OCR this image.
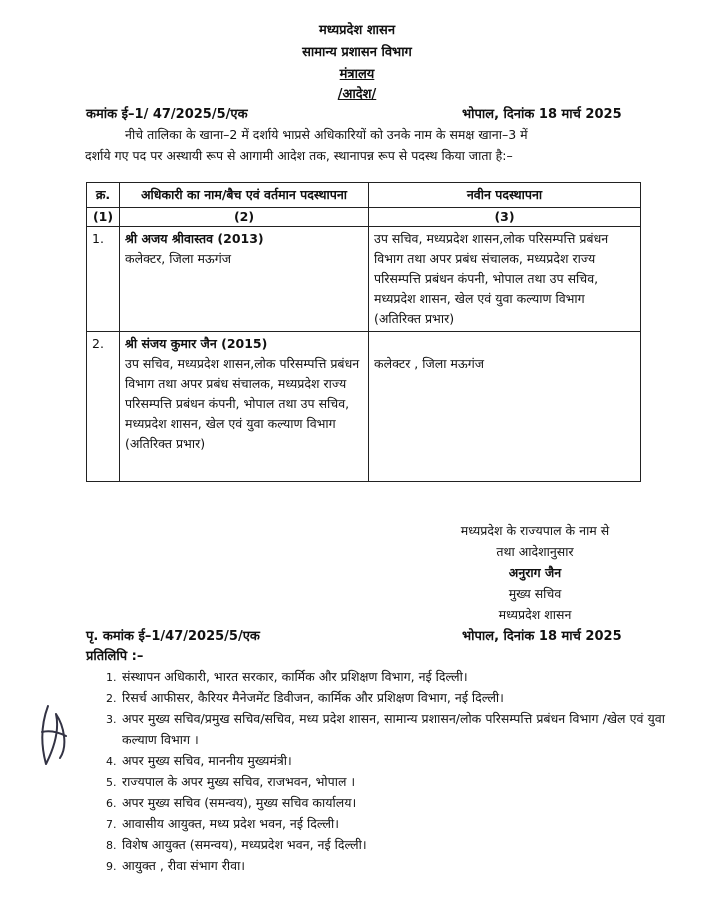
मध्यप्रदेश शासन
सामान्य प्रशासन विभाग
मंत्रालय
/आदेश/
कमांक ई–1/ 47/2025/5/एक	भोपाल, दिनांक 18 मार्च 2025
नीचे तालिका के खाना–2 में दर्शाये भाप्रसे अधिकारियों को उनके नाम के समक्ष खाना–3 में
दर्शाये गए पद पर अस्थायी रूप से आगामी आदेश तक, स्थानापन्न रूप से पदस्थ किया जाता है:–
क्र.	अधिकारी का नाम/बैच एवं वर्तमान पदस्थापना	नवीन पदस्थापना
(1)	(2)	(3)
1.	श्री अजय श्रीवास्तव (2013)
कलेक्टर, जिला मऊगंज	उप सचिव, मध्यप्रदेश शासन,लोक परिसम्पत्ति प्रबंधन विभाग तथा अपर प्रबंध संचालक, मध्यप्रदेश राज्य परिसम्पत्ति प्रबंधन कंपनी, भोपाल तथा उप सचिव, मध्यप्रदेश शासन, खेल एवं युवा कल्याण विभाग (अतिरिक्त प्रभार)
2.	श्री संजय कुमार जैन (2015)
उप सचिव, मध्यप्रदेश शासन,लोक परिसम्पत्ति प्रबंधन विभाग तथा अपर प्रबंध संचालक, मध्यप्रदेश राज्य परिसम्पत्ति प्रबंधन कंपनी, भोपाल तथा उप सचिव, मध्यप्रदेश शासन, खेल एवं युवा कल्याण विभाग (अतिरिक्त प्रभार)	कलेक्टर , जिला मऊगंज
मध्यप्रदेश के राज्यपाल के नाम से
तथा आदेशानुसार
अनुराग जैन
मुख्य सचिव
मध्यप्रदेश शासन
पृ. कमांक ई–1/47/2025/5/एक	भोपाल, दिनांक 18 मार्च 2025
प्रतिलिपि :–
1. संस्थापन अधिकारी, भारत सरकार, कार्मिक और प्रशिक्षण विभाग, नई दिल्ली।
2. रिसर्च आफीसर, कैरियर मैनेजमेंट डिवीजन, कार्मिक और प्रशिक्षण विभाग, नई दिल्ली।
3. अपर मुख्य सचिव/प्रमुख सचिव/सचिव, मध्य प्रदेश शासन, सामान्य प्रशासन/लोक परिसम्पत्ति प्रबंधन विभाग /खेल एवं युवा कल्याण विभाग ।
4. अपर मुख्य सचिव, माननीय मुख्यमंत्री।
5. राज्यपाल के अपर मुख्य सचिव, राजभवन, भोपाल ।
6. अपर मुख्य सचिव (समन्वय), मुख्य सचिव कार्यालय।
7. आवासीय आयुक्त, मध्य प्रदेश भवन, नई दिल्ली।
8. विशेष आयुक्त (समन्वय), मध्यप्रदेश भवन, नई दिल्ली।
9. आयुक्त , रीवा संभाग रीवा।
